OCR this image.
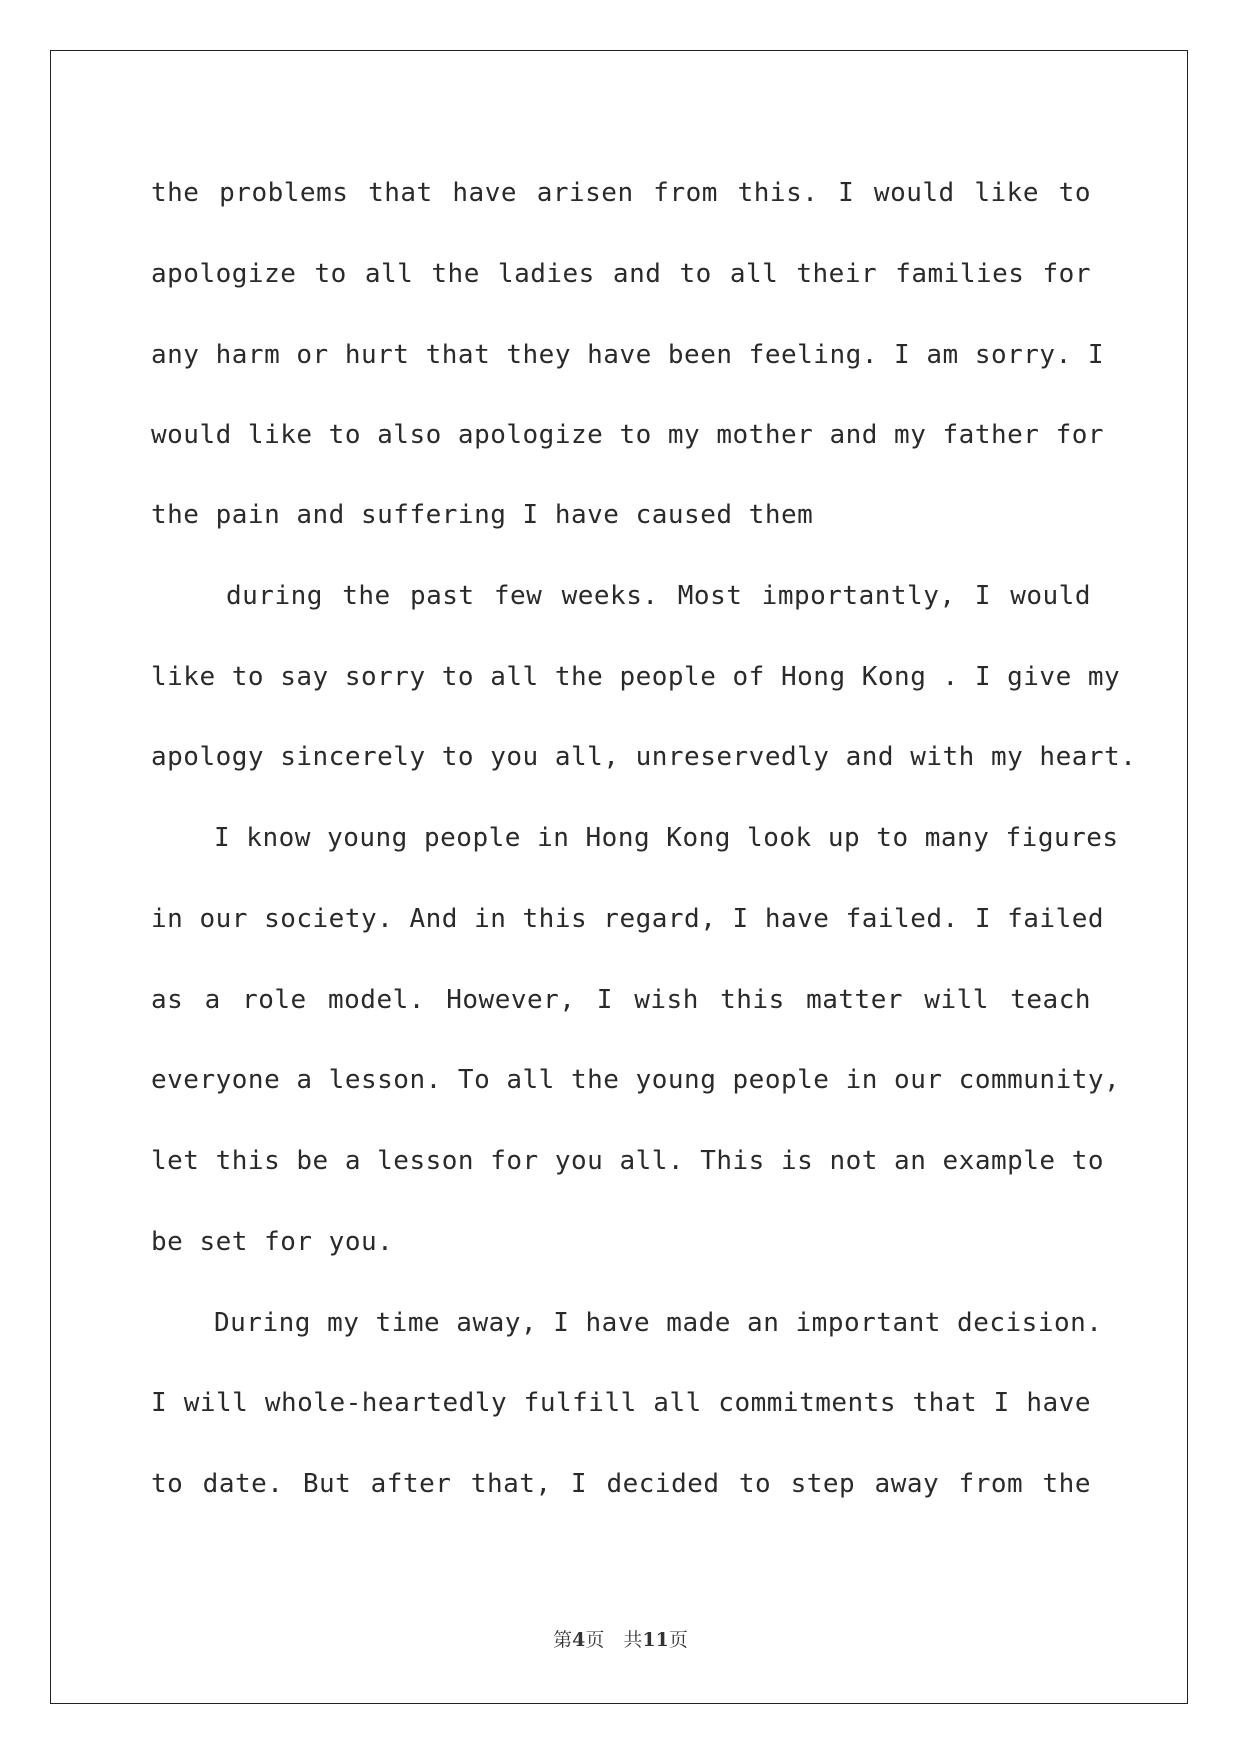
the problems that have arisen from this. I would like to
apologize to all the ladies and to all their families for
any harm or hurt that they have been feeling. I am sorry. I
would like to also apologize to my mother and my father for
the pain and suffering I have caused them
during the past few weeks. Most importantly, I would
like to say sorry to all the people of Hong Kong . I give my
apology sincerely to you all, unreservedly and with my heart.
I know young people in Hong Kong look up to many figures
in our society. And in this regard, I have failed. I failed
as a role model. However, I wish this matter will teach
everyone a lesson. To all the young people in our community,
let this be a lesson for you all. This is not an example to
be set for you.
During my time away, I have made an important decision.
I will whole-heartedly fulfill all commitments that I have
to date. But after that, I decided to step away from the
第4页　共11页
